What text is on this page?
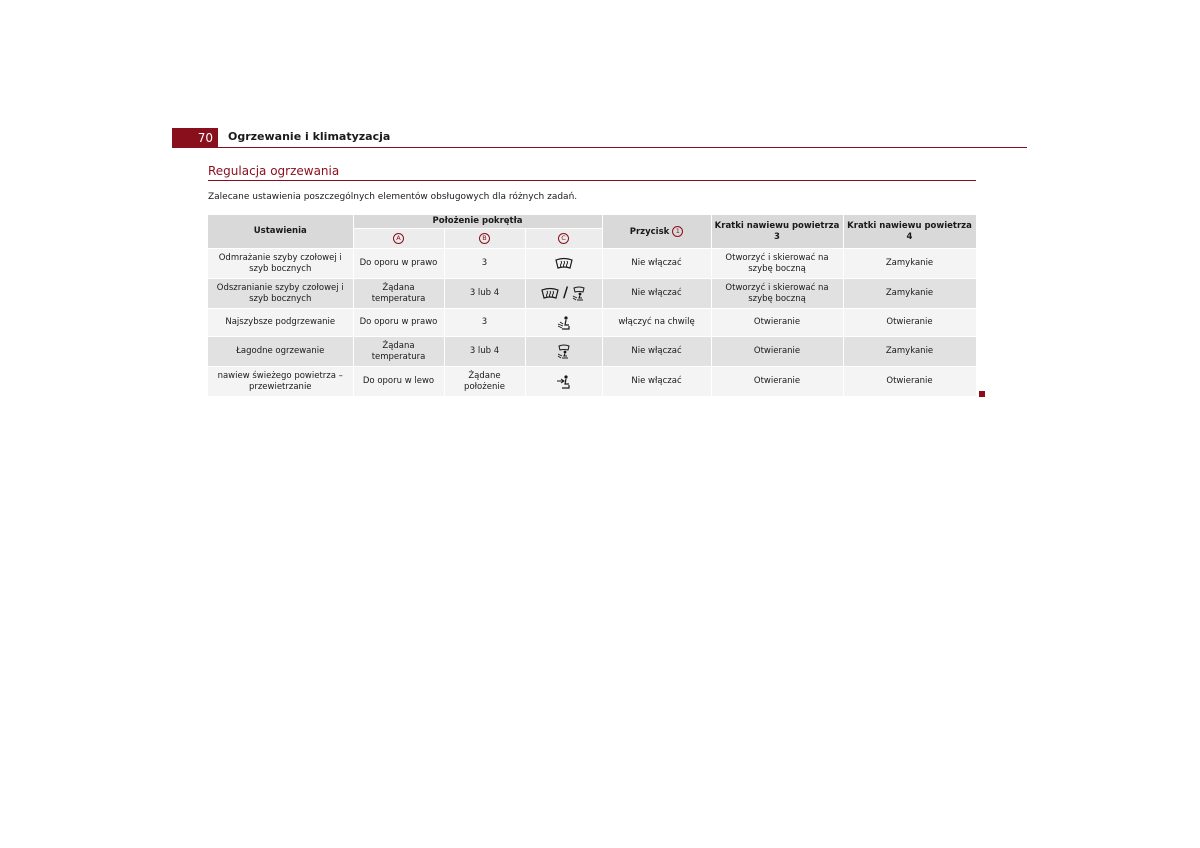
70	Ogrzewanie i klimatyzacja
Regulacja ogrzewania
Zalecane ustawienia poszczególnych elementów obsługowych dla różnych zadań.
Ustawienia	Położenie pokrętła			Przycisk 1	Kratki nawiewu powietrza 3	Kratki nawiewu powietrza 4
	A	B	C			
Odmrażanie szyby czołowej i szyb bocznych	Do oporu w prawo	3		Nie włączać	Otworzyć i skierować na szybę boczną	Zamykanie
Odszranianie szyby czołowej i szyb bocznych	Żądana temperatura	3 lub 4	/	Nie włączać	Otworzyć i skierować na szybę boczną	Zamykanie
Najszybsze podgrzewanie	Do oporu w prawo	3		włączyć na chwilę	Otwieranie	Otwieranie
Łagodne ogrzewanie	Żądana temperatura	3 lub 4		Nie włączać	Otwieranie	Zamykanie
nawiew świeżego powietrza – przewietrzanie	Do oporu w lewo	Żądane położenie		Nie włączać	Otwieranie	Otwieranie
